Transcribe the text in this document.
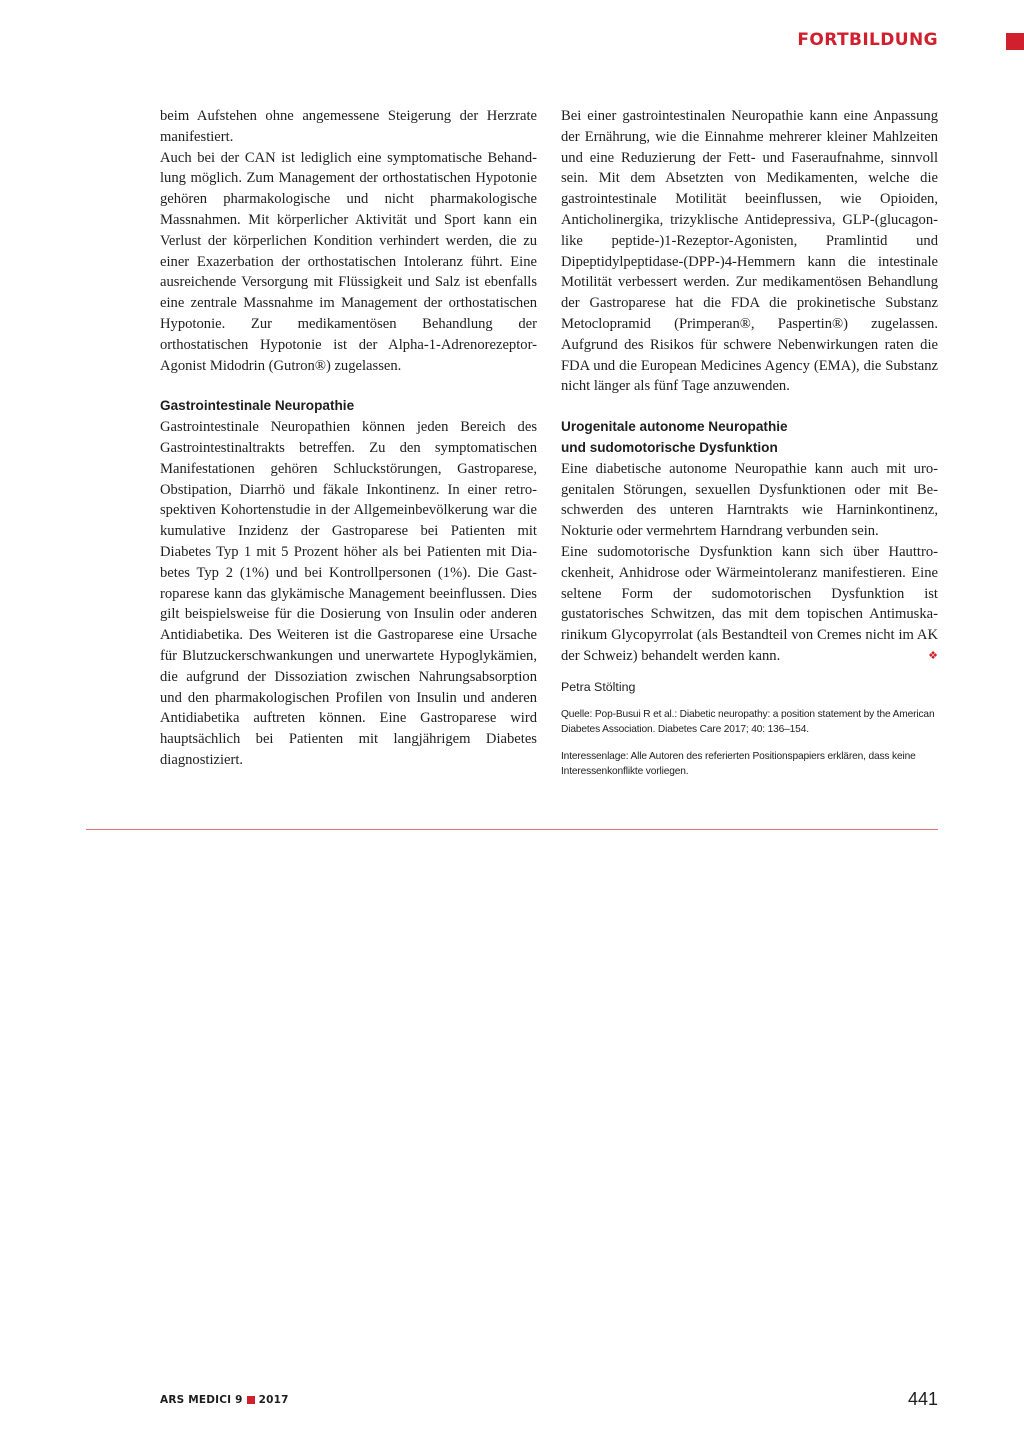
FORTBILDUNG

beim Aufstehen ohne angemessene Steigerung der Herzrate manifestiert.

Auch bei der CAN ist lediglich eine symptomatische Behandlung möglich. Zum Management der orthostatischen Hypotonie gehören pharmakologische und nicht pharmakologische Massnahmen. Mit körperlicher Aktivität und Sport kann ein Verlust der körperlichen Kondition verhindert werden, die zu einer Exazerbation der orthostatischen Intoleranz führt. Eine ausreichende Versorgung mit Flüssigkeit und Salz ist ebenfalls eine zentrale Massnahme im Management der orthostatischen Hypotonie. Zur medikamentösen Behandlung der orthostatischen Hypotonie ist der Alpha-1-Adrenorezeptor-Agonist Midodrin (Gutron®) zugelassen.

Gastrointestinale Neuropathie

Gastrointestinale Neuropathien können jeden Bereich des Gastrointestinaltrakts betreffen. Zu den symptomatischen Manifestationen gehören Schluckstörungen, Gastroparese, Obstipation, Diarrhö und fäkale Inkontinenz. In einer retrospektiven Kohortenstudie in der Allgemeinbevölkerung war die kumulative Inzidenz der Gastroparese bei Patienten mit Diabetes Typ 1 mit 5 Prozent höher als bei Patienten mit Diabetes Typ 2 (1%) und bei Kontrollpersonen (1%). Die Gastroparese kann das glykämische Management beeinflussen. Dies gilt beispielsweise für die Dosierung von Insulin oder anderen Antidiabetika. Des Weiteren ist die Gastroparese eine Ursache für Blutzuckerschwankungen und unerwartete Hypoglykämien, die aufgrund der Dissoziation zwischen Nahrungsabsorption und den pharmakologischen Profilen von Insulin und anderen Antidiabetika auftreten können. Eine Gastroparese wird hauptsächlich bei Patienten mit langjährigem Diabetes diagnostiziert.

Bei einer gastrointestinalen Neuropathie kann eine Anpassung der Ernährung, wie die Einnahme mehrerer kleiner Mahlzeiten und eine Reduzierung der Fett- und Faseraufnahme, sinnvoll sein. Mit dem Absetzten von Medikamenten, welche die gastrointestinale Motilität beeinflussen, wie Opioiden, Anticholinergika, trizyklische Antidepressiva, GLP-(glucagon-like peptide-)1-Rezeptor-Agonisten, Pramlintid und Dipeptidylpeptidase-(DPP-)4-Hemmern kann die intestinale Motilität verbessert werden. Zur medikamentösen Behandlung der Gastroparese hat die FDA die prokinetische Substanz Metoclopramid (Primperan®, Paspertin®) zugelassen. Aufgrund des Risikos für schwere Nebenwirkungen raten die FDA und die European Medicines Agency (EMA), die Substanz nicht länger als fünf Tage anzuwenden.

Urogenitale autonome Neuropathie
und sudomotorische Dysfunktion

Eine diabetische autonome Neuropathie kann auch mit urogenitalen Störungen, sexuellen Dysfunktionen oder mit Beschwerden des unteren Harntrakts wie Harninkontinenz, Nokturie oder vermehrtem Harndrang verbunden sein.

Eine sudomotorische Dysfunktion kann sich über Hauttrockenheit, Anhidrose oder Wärmeintoleranz manifestieren. Eine seltene Form der sudomotorischen Dysfunktion ist gustatorisches Schwitzen, das mit dem topischen Antimuskarinikum Glycopyrrolat (als Bestandteil von Cremes nicht im AK der Schweiz) behandelt werden kann.	❖

Petra Stölting

Quelle: Pop-Busui R et al.: Diabetic neuropathy: a position statement by the American Diabetes Association. Diabetes Care 2017; 40: 136–154.

Interessenlage: Alle Autoren des referierten Positionspapiers erklären, dass keine Interessenkonflikte vorliegen.

ARS MEDICI 9 2017	441
